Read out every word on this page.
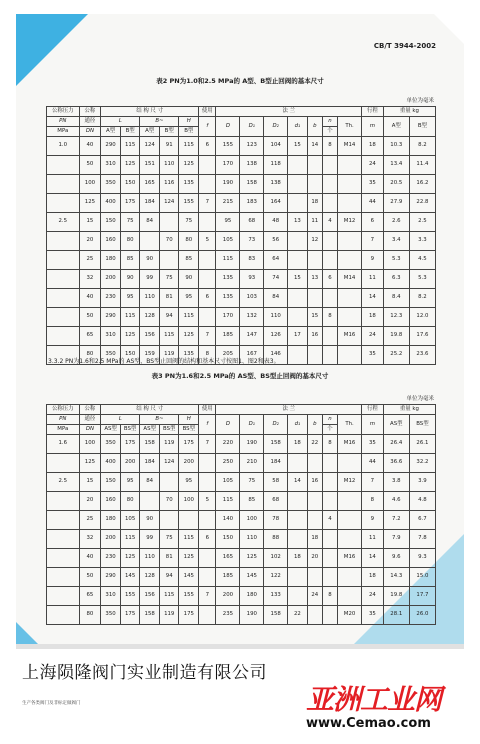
CB/T 3944-2002
表2 PN为1.0和2.5 MPa的 A型、B型止回阀的基本尺寸
单位为毫米
公称压力	公称	结 构 尺 寸					使用	法 兰							行程	重量 kg	
PN	通径	L		B~		H	f	D	D₁	D₂	d₁	b	n	Th.	m	A型	B型
MPa	DN	A型	B型	A型	B型	B型							个				
1.0	40	290	115	124	91	115	6	155	123	104	15	14	8	M14	18	10.3	8.2
	50	310	125	151	110	125		170	138	118					24	13.4	11.4
	100	350	150	165	116	135		190	158	138					35	20.5	16.2
	125	400	175	184	124	155	7	215	183	164		18			44	27.9	22.8
2.5	15	150	75	84		75		95	68	48	13	11	4	M12	6	2.6	2.5
	20	160	80		70	80	5	105	73	56		12			7	3.4	3.3
	25	180	85	90		85		115	83	64					9	5.3	4.5
	32	200	90	99	75	90		135	93	74	15	13	6	M14	11	6.3	5.3
	40	230	95	110	81	95	6	135	103	84					14	8.4	8.2
	50	290	115	128	94	115		170	132	110		15	8		18	12.3	12.0
	65	310	125	156	115	125	7	185	147	126	17	16		M16	24	19.8	17.6
	80	350	150	159	119	135	8	205	167	146					35	25.2	23.6
3.3.2 PN为1.6和2.5 MPa的 AS型、BS型止回阀的结构和基本尺寸按图1、图2和表3。
表3 PN为1.6和2.5 MPa的 AS型、BS型止回阀的基本尺寸
单位为毫米
公称压力	公称	结 构 尺 寸					使用	法 兰							行程	重量 kg	
PN	通径	L		B~		H	f	D	D₁	D₂	d₁	b	n	Th.	m	AS型	BS型
MPa	DN	AS型	BS型	AS型	BS型	BS型							个				
1.6	100	350	175	158	119	175	7	220	190	158	18	22	8	M16	35	26.4	26.1
	125	400	200	184	124	200		250	210	184					44	36.6	32.2
2.5	15	150	95	84		95		105	75	58	14	16		M12	7	3.8	3.9
	20	160	80		70	100	5	115	85	68					8	4.6	4.8
	25	180	105	90				140	100	78			4		9	7.2	6.7
	32	200	115	99	75	115	6	150	110	88		18			11	7.9	7.8
	40	230	125	110	81	125		165	125	102	18	20		M16	14	9.6	9.3
	50	290	145	128	94	145		185	145	122					18	14.3	15.0
	65	310	155	156	115	155	7	200	180	133		24	8		24	19.8	17.7
	80	350	175	158	119	175		235	190	158	22			M20	35	28.1	26.0
上海陨隆阀门实业制造有限公司
生产各类阀门及非标定做阀门	亚洲工业网
www.Cemao.com
